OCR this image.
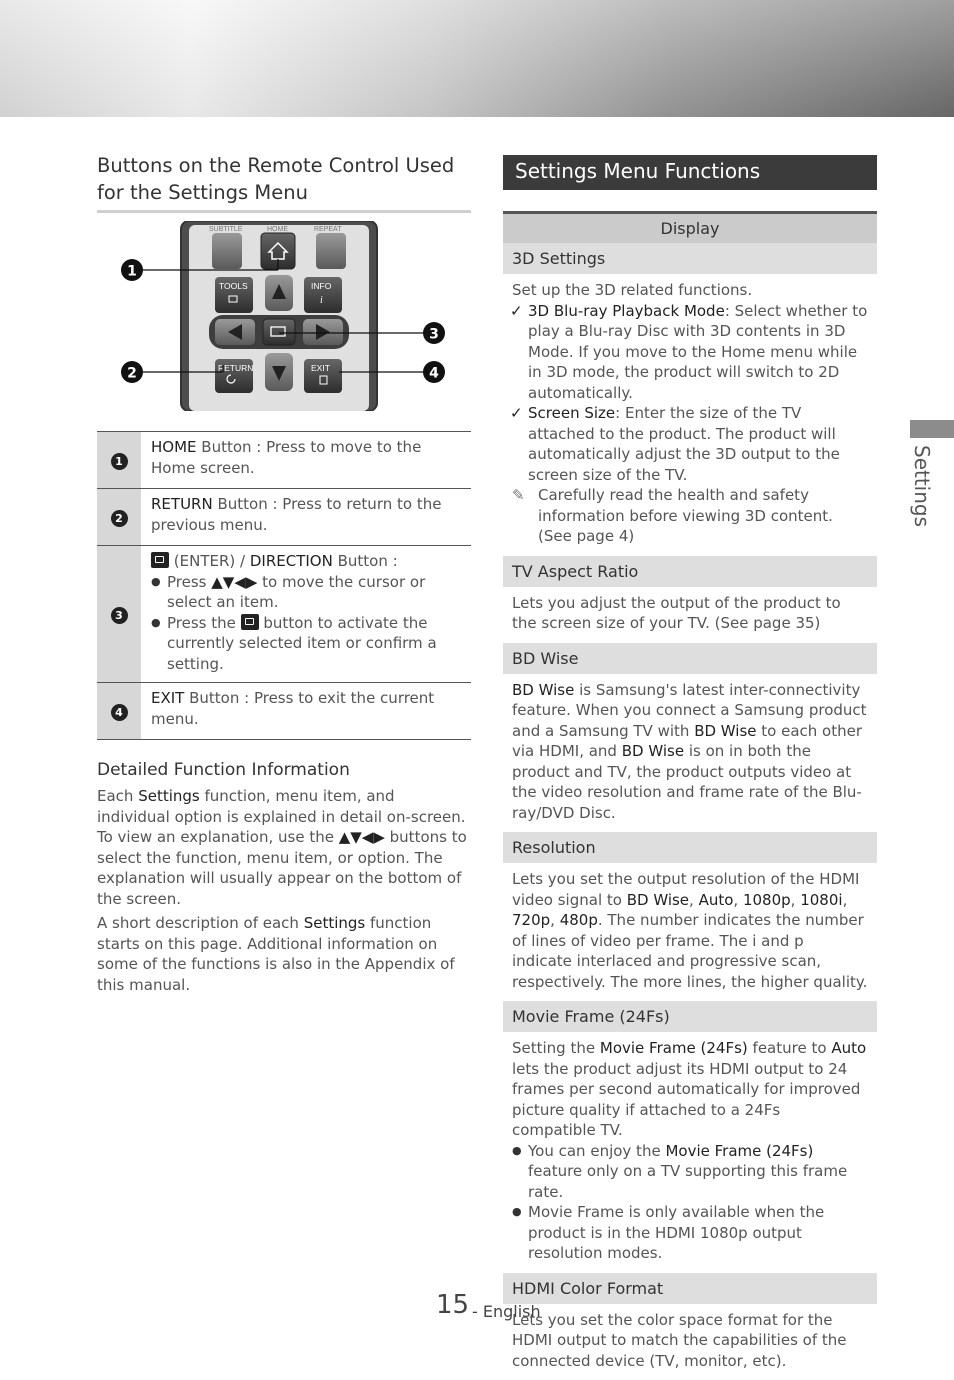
Buttons on the Remote Control Used for the Settings Menu
SUBTITLE	HOME	REPEAT
TOOLS	INFO
i
RETURN	EXIT
1
2
3
4
1	HOME Button : Press to move to the Home screen.
2	RETURN Button : Press to return to the previous menu.
3	(ENTER) / DIRECTION Button :
● Press ▲▼◀▶ to move the cursor or select an item.
● Press the  button to activate the currently selected item or confirm a setting.

4	EXIT Button : Press to exit the current menu.
Detailed Function Information

Each Settings function, menu item, and individual option is explained in detail on-screen. To view an explanation, use the ▲▼◀▶ buttons to select the function, menu item, or option. The explanation will usually appear on the bottom of the screen.

A short description of each Settings function starts on this page. Additional information on some of the functions is also in the Appendix of this manual.

Settings Menu Functions
Display
3D Settings
Set up the 3D related functions.
✓ 3D Blu-ray Playback Mode: Select whether to play a Blu-ray Disc with 3D contents in 3D Mode. If you move to the Home menu while in 3D mode, the product will switch to 2D automatically.
✓ Screen Size: Enter the size of the TV attached to the product. The product will automatically adjust the 3D output to the screen size of the TV.
✎ Carefully read the health and safety information before viewing 3D content. (See page 4)
TV Aspect Ratio
Lets you adjust the output of the product to the screen size of your TV. (See page 35)
BD Wise
BD Wise is Samsung's latest inter-connectivity feature. When you connect a Samsung product and a Samsung TV with BD Wise to each other via HDMI, and BD Wise is on in both the product and TV, the product outputs video at the video resolution and frame rate of the Blu-ray/DVD Disc.
Resolution
Lets you set the output resolution of the HDMI video signal to BD Wise, Auto, 1080p, 1080i, 720p, 480p. The number indicates the number of lines of video per frame. The i and p indicate interlaced and progressive scan, respectively. The more lines, the higher quality.
Movie Frame (24Fs)
Setting the Movie Frame (24Fs) feature to Auto lets the product adjust its HDMI output to 24 frames per second automatically for improved picture quality if attached to a 24Fs compatible TV.
● You can enjoy the Movie Frame (24Fs) feature only on a TV supporting this frame rate.
● Movie Frame is only available when the product is in the HDMI 1080p output resolution modes.
HDMI Color Format
Lets you set the color space format for the HDMI output to match the capabilities of the connected device (TV, monitor, etc).
Settings
15 - English
